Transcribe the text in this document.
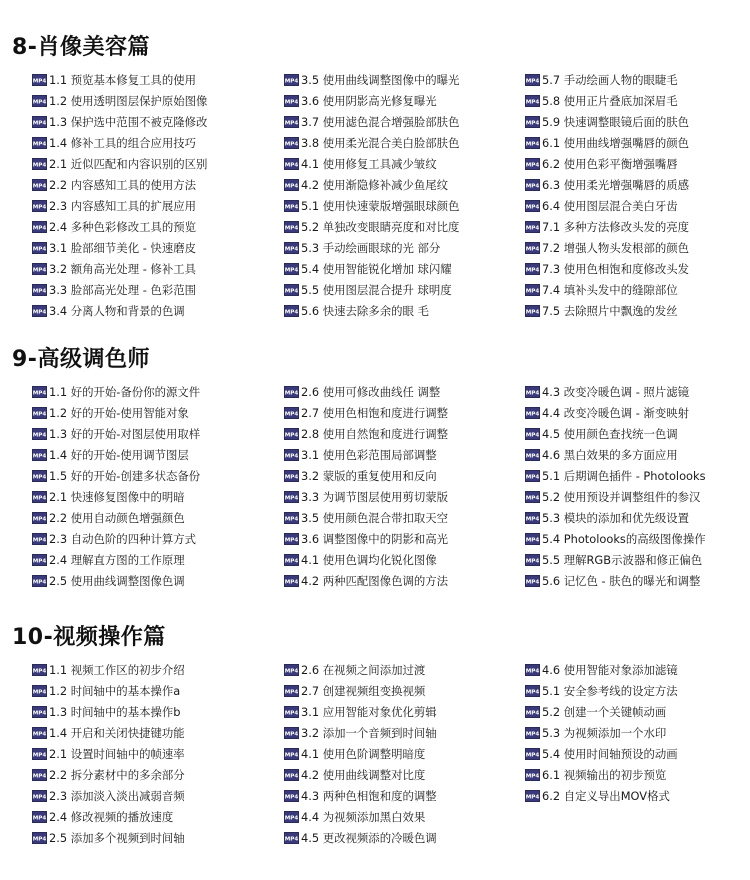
8-肖像美容篇
MP4 1.1 预览基本修复工具的使用
MP4 1.2 使用透明图层保护原始图像
MP4 1.3 保护选中范围不被克隆修改
MP4 1.4 修补工具的组合应用技巧
MP4 2.1 近似匹配和内容识别的区别
MP4 2.2 内容感知工具的使用方法
MP4 2.3 内容感知工具的扩展应用
MP4 2.4 多种色彩修改工具的预览
MP4 3.1 脸部细节美化 - 快速磨皮
MP4 3.2 额角高光处理 - 修补工具
MP4 3.3 脸部高光处理 - 色彩范围
MP4 3.4 分离人物和背景的色调
MP4 3.5 使用曲线调整图像中的曝光
MP4 3.6 使用阴影高光修复曝光
MP4 3.7 使用滤色混合增强脸部肤色
MP4 3.8 使用柔光混合美白脸部肤色
MP4 4.1 使用修复工具减少皱纹
MP4 4.2 使用渐隐修补减少鱼尾纹
MP4 5.1 使用快速蒙版增强眼球颜色
MP4 5.2 单独改变眼睛亮度和对比度
MP4 5.3 手动绘画眼球的光 部分
MP4 5.4 使用智能锐化增加 球闪耀
MP4 5.5 使用图层混合提升 球明度
MP4 5.6 快速去除多余的眼 毛
MP4 5.7 手动绘画人物的眼睫毛
MP4 5.8 使用正片叠底加深眉毛
MP4 5.9 快速调整眼镜后面的肤色
MP4 6.1 使用曲线增强嘴唇的颜色
MP4 6.2 使用色彩平衡增强嘴唇
MP4 6.3 使用柔光增强嘴唇的质感
MP4 6.4 使用图层混合美白牙齿
MP4 7.1 多种方法修改头发的亮度
MP4 7.2 增强人物头发根部的颜色
MP4 7.3 使用色相饱和度修改头发
MP4 7.4 填补头发中的缝隙部位
MP4 7.5 去除照片中飘逸的发丝
9-高级调色师
MP4 1.1 好的开始-备份你的源文件
MP4 1.2 好的开始-使用智能对象
MP4 1.3 好的开始-对图层使用取样
MP4 1.4 好的开始-使用调节图层
MP4 1.5 好的开始-创建多状态备份
MP4 2.1 快速修复图像中的明暗
MP4 2.2 使用自动颜色增强颜色
MP4 2.3 自动色阶的四种计算方式
MP4 2.4 理解直方图的工作原理
MP4 2.5 使用曲线调整图像色调
MP4 2.6 使用可修改曲线任 调整
MP4 2.7 使用色相饱和度进行调整
MP4 2.8 使用自然饱和度进行调整
MP4 3.1 使用色彩范围局部调整
MP4 3.2 蒙版的重复使用和反向
MP4 3.3 为调节图层使用剪切蒙版
MP4 3.5 使用颜色混合带扣取天空
MP4 3.6 调整图像中的阴影和高光
MP4 4.1 使用色调均化锐化图像
MP4 4.2 两种匹配图像色调的方法
MP4 4.3 改变冷暖色调 - 照片滤镜
MP4 4.4 改变冷暖色调 - 渐变映射
MP4 4.5 使用颜色查找统一色调
MP4 4.6 黑白效果的多方面应用
MP4 5.1 后期调色插件 - Photolooks
MP4 5.2 使用预设并调整组件的参汉
MP4 5.3 模块的添加和优先级设置
MP4 5.4 Photolooks的高级图像操作
MP4 5.5 理解RGB示波器和修正偏色
MP4 5.6 记忆色 - 肤色的曝光和调整
10-视频操作篇
MP4 1.1 视频工作区的初步介绍
MP4 1.2 时间轴中的基本操作a
MP4 1.3 时间轴中的基本操作b
MP4 1.4 开启和关闭快捷键功能
MP4 2.1 设置时间轴中的帧速率
MP4 2.2 拆分素材中的多余部分
MP4 2.3 添加淡入淡出减弱音频
MP4 2.4 修改视频的播放速度
MP4 2.5 添加多个视频到时间轴
MP4 2.6 在视频之间添加过渡
MP4 2.7 创建视频组变换视频
MP4 3.1 应用智能对象优化剪辑
MP4 3.2 添加一个音频到时间轴
MP4 4.1 使用色阶调整明暗度
MP4 4.2 使用曲线调整对比度
MP4 4.3 两种色相饱和度的调整
MP4 4.4 为视频添加黑白效果
MP4 4.5 更改视频添的冷暖色调
MP4 4.6 使用智能对象添加滤镜
MP4 5.1 安全参考线的设定方法
MP4 5.2 创建一个关键帧动画
MP4 5.3 为视频添加一个水印
MP4 5.4 使用时间轴预设的动画
MP4 6.1 视频输出的初步预览
MP4 6.2 自定义导出MOV格式
